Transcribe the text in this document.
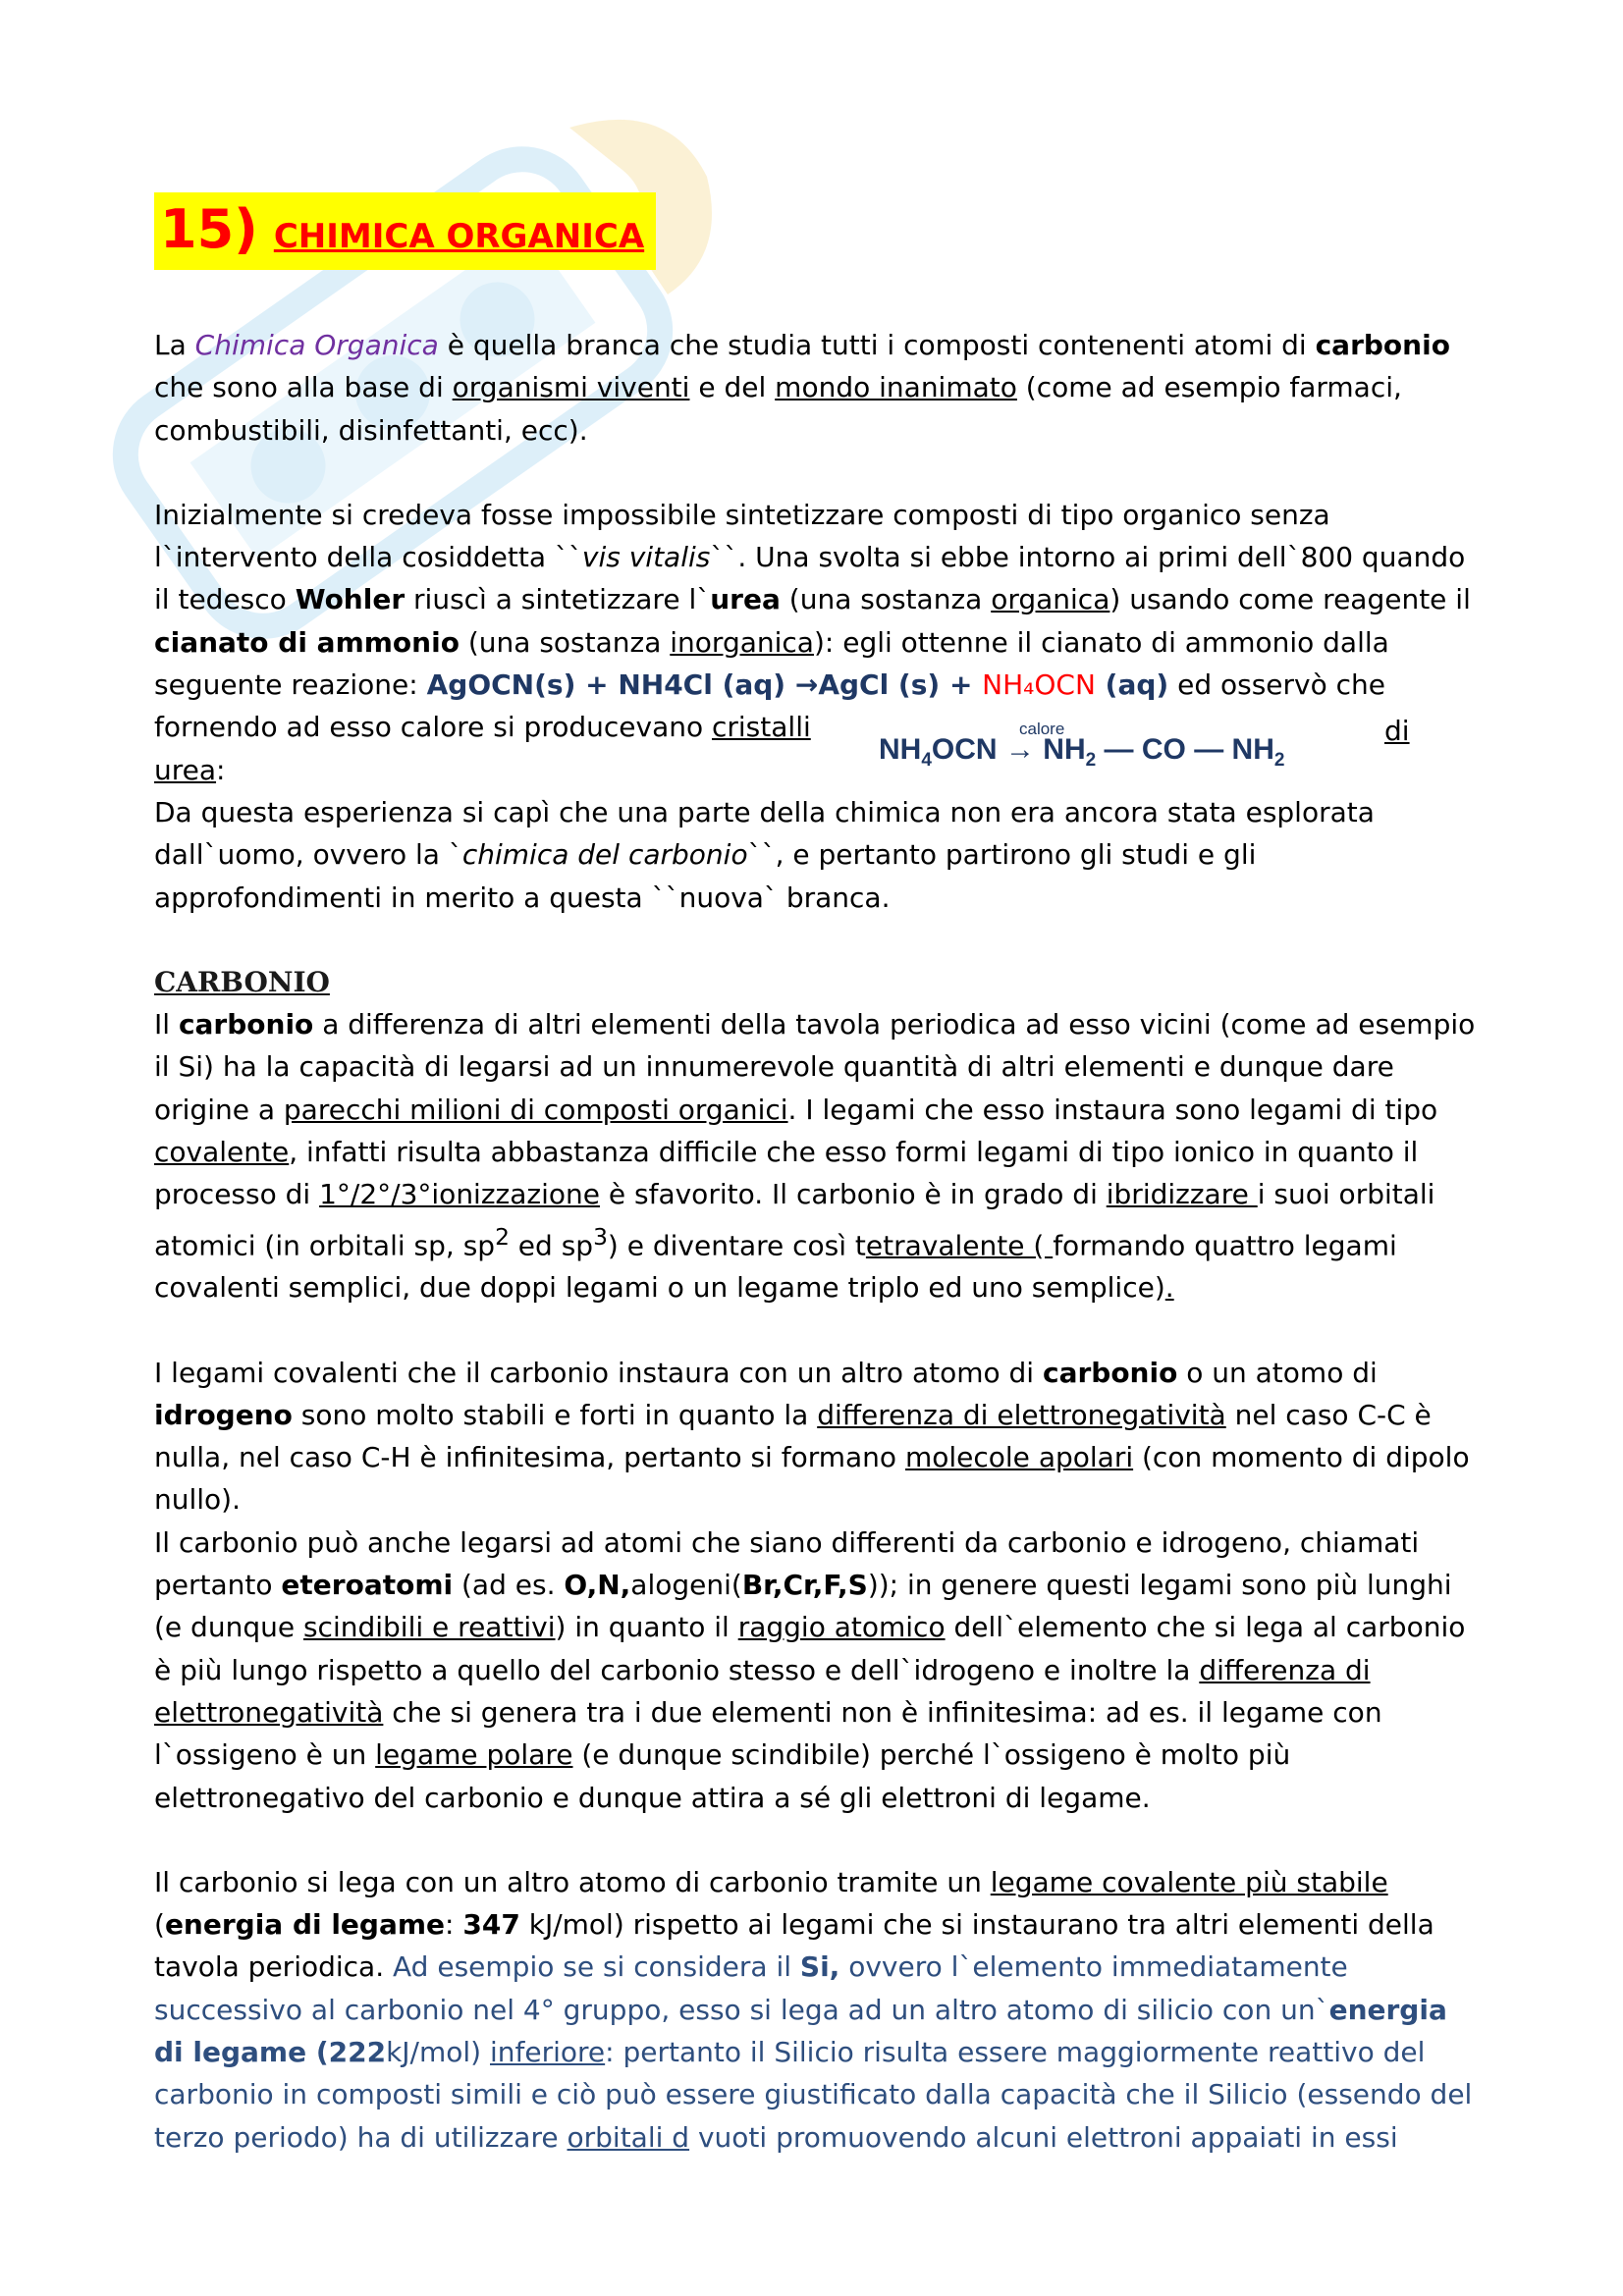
15) CHIMICA ORGANICA
$NH_4OCN$
calore
→ $NH_2$ — CO — $NH_2$

La Chimica Organica è quella branca che studia tutti i composti contenenti atomi di carbonio che sono alla base di organismi viventi e del mondo inanimato (come ad esempio farmaci, combustibili, disinfettanti, ecc).

Inizialmente si credeva fosse impossibile sintetizzare composti di tipo organico senza l`intervento della cosiddetta ``vis vitalis``. Una svolta si ebbe intorno ai primi dell`800 quando il tedesco Wohler riuscì a sintetizzare l`urea (una sostanza organica) usando come reagente il cianato di ammonio (una sostanza inorganica): egli ottenne il cianato di ammonio dalla seguente reazione: AgOCN(s) + NH4Cl (aq) →AgCl (s) + NH₄OCN (aq) ed osservò che fornendo ad esso calore si producevano cristalli
urea:
Da questa esperienza si capì che una parte della chimica non era ancora stata esplorata dall`uomo, ovvero la `chimica del carbonio``, e pertanto partirono gli studi e gli approfondimenti in merito a questa ``nuova` branca.

CARBONIO

Il carbonio a differenza di altri elementi della tavola periodica ad esso vicini (come ad esempio il Si) ha la capacità di legarsi ad un innumerevole quantità di altri elementi e dunque dare origine a parecchi milioni di composti organici. I legami che esso instaura sono legami di tipo covalente, infatti risulta abbastanza difficile che esso formi legami di tipo ionico in quanto il processo di 1°/2°/3°ionizzazione è sfavorito. Il carbonio è in grado di ibridizzare i suoi orbitali atomici (in orbitali sp, $sp^2$ ed $sp^3$) e diventare così tetravalente ( formando quattro legami covalenti semplici, due doppi legami o un legame triplo ed uno semplice).

I legami covalenti che il carbonio instaura con un altro atomo di carbonio o un atomo di idrogeno sono molto stabili e forti in quanto la differenza di elettronegatività nel caso C-C è nulla, nel caso C-H è infinitesima, pertanto si formano molecole apolari (con momento di dipolo nullo).
Il carbonio può anche legarsi ad atomi che siano differenti da carbonio e idrogeno, chiamati pertanto eteroatomi (ad es. O,N,alogeni(Br,Cr,F,S)); in genere questi legami sono più lunghi (e dunque scindibili e reattivi) in quanto il raggio atomico dell`elemento che si lega al carbonio è più lungo rispetto a quello del carbonio stesso e dell`idrogeno e inoltre la differenza di elettronegatività che si genera tra i due elementi non è infinitesima: ad es. il legame con l`ossigeno è un legame polare (e dunque scindibile) perché l`ossigeno è molto più elettronegativo del carbonio e dunque attira a sé gli elettroni di legame.

Il carbonio si lega con un altro atomo di carbonio tramite un legame covalente più stabile (energia di legame: 347 kJ/mol) rispetto ai legami che si instaurano tra altri elementi della tavola periodica. Ad esempio se si considera il Si, ovvero l`elemento immediatamente successivo al carbonio nel 4° gruppo, esso si lega ad un altro atomo di silicio con un`energia di legame (222kJ/mol) inferiore: pertanto il Silicio risulta essere maggiormente reattivo del carbonio in composti simili e ciò può essere giustificato dalla capacità che il Silicio (essendo del terzo periodo) ha di utilizzare orbitali d vuoti promuovendo alcuni elettroni appaiati in essi

di
